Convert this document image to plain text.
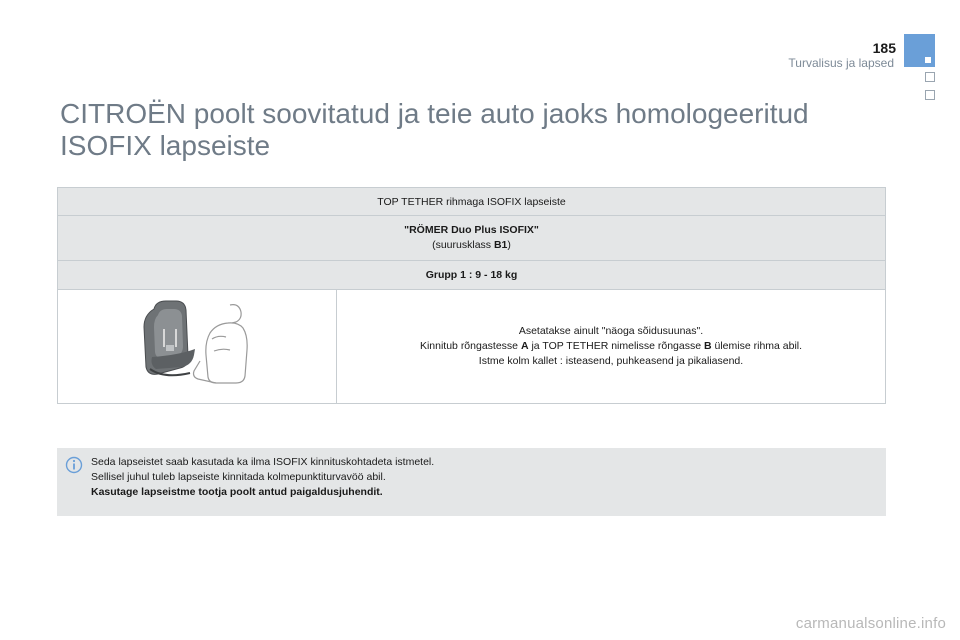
185
Turvalisus ja lapsed
CITROËN poolt soovitatud ja teie auto jaoks homologeeritud
ISOFIX lapseiste
TOP TETHER rihmaga ISOFIX lapseiste
"RÖMER Duo Plus ISOFIX"
(suurusklass B1)
Grupp 1 : 9 - 18 kg
	Asetatakse ainult "näoga sõidusuunas".
Kinnitub rõngastesse A ja TOP TETHER nimelisse rõngasse B ülemise rihma abil.
Istme kolm kallet : isteasend, puhkeasend ja pikaliasend.
Seda lapseistet saab kasutada ka ilma ISOFIX kinnituskohtadeta istmetel.
Sellisel juhul tuleb lapseiste kinnitada kolmepunktiturvavöö abil.
Kasutage lapseistme tootja poolt antud paigaldusjuhendit.
carmanualsonline.info
